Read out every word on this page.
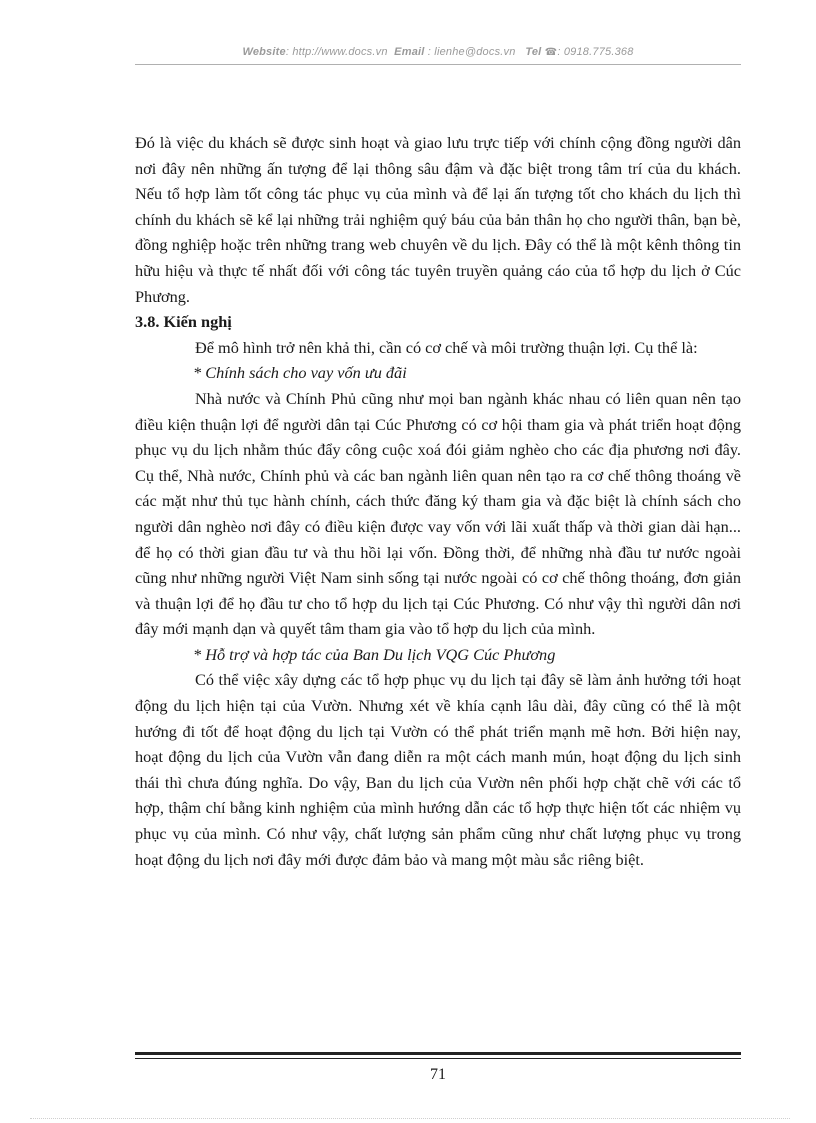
Website: http://www.docs.vn Email : lienhe@docs.vn Tel ☎: 0918.775.368

Đó là việc du khách sẽ được sinh hoạt và giao lưu trực tiếp với chính cộng đồng người dân nơi đây nên những ấn tượng để lại thông sâu đậm và đặc biệt trong tâm trí của du khách. Nếu tổ hợp làm tốt công tác phục vụ của mình và để lại ấn tượng tốt cho khách du lịch thì chính du khách sẽ kể lại những trải nghiệm quý báu của bản thân họ cho người thân, bạn bè, đồng nghiệp hoặc trên những trang web chuyên về du lịch. Đây có thể là một kênh thông tin hữu hiệu và thực tế nhất đối với công tác tuyên truyền quảng cáo của tổ hợp du lịch ở Cúc Phương.

3.8. Kiến nghị

Để mô hình trở nên khả thi, cần có cơ chế và môi trường thuận lợi. Cụ thể là:

* Chính sách cho vay vốn ưu đãi

Nhà nước và Chính Phủ cũng như mọi ban ngành khác nhau có liên quan nên tạo điều kiện thuận lợi để người dân tại Cúc Phương có cơ hội tham gia và phát triển hoạt động phục vụ du lịch nhằm thúc đẩy công cuộc xoá đói giảm nghèo cho các địa phương nơi đây. Cụ thể, Nhà nước, Chính phủ và các ban ngành liên quan nên tạo ra cơ chế thông thoáng về các mặt như thủ tục hành chính, cách thức đăng ký tham gia và đặc biệt là chính sách cho người dân nghèo nơi đây có điều kiện được vay vốn với lãi xuất thấp và thời gian dài hạn... để họ có thời gian đầu tư và thu hồi lại vốn. Đồng thời, để những nhà đầu tư nước ngoài cũng như những người Việt Nam sinh sống tại nước ngoài có cơ chế thông thoáng, đơn giản và thuận lợi để họ đầu tư cho tổ hợp du lịch tại Cúc Phương. Có như vậy thì người dân nơi đây mới mạnh dạn và quyết tâm tham gia vào tổ hợp du lịch của mình.

* Hỗ trợ và hợp tác của Ban Du lịch VQG Cúc Phương

Có thể việc xây dựng các tổ hợp phục vụ du lịch tại đây sẽ làm ảnh hưởng tới hoạt động du lịch hiện tại của Vườn. Nhưng xét về khía cạnh lâu dài, đây cũng có thể là một hướng đi tốt để hoạt động du lịch tại Vườn có thể phát triển mạnh mẽ hơn. Bởi hiện nay, hoạt động du lịch của Vườn vẫn đang diễn ra một cách manh mún, hoạt động du lịch sinh thái thì chưa đúng nghĩa. Do vậy, Ban du lịch của Vườn nên phối hợp chặt chẽ với các tổ hợp, thậm chí bằng kinh nghiệm của mình hướng dẫn các tổ hợp thực hiện tốt các nhiệm vụ phục vụ của mình. Có như vậy, chất lượng sản phẩm cũng như chất lượng phục vụ trong hoạt động du lịch nơi đây mới được đảm bảo và mang một màu sắc riêng biệt.

71
